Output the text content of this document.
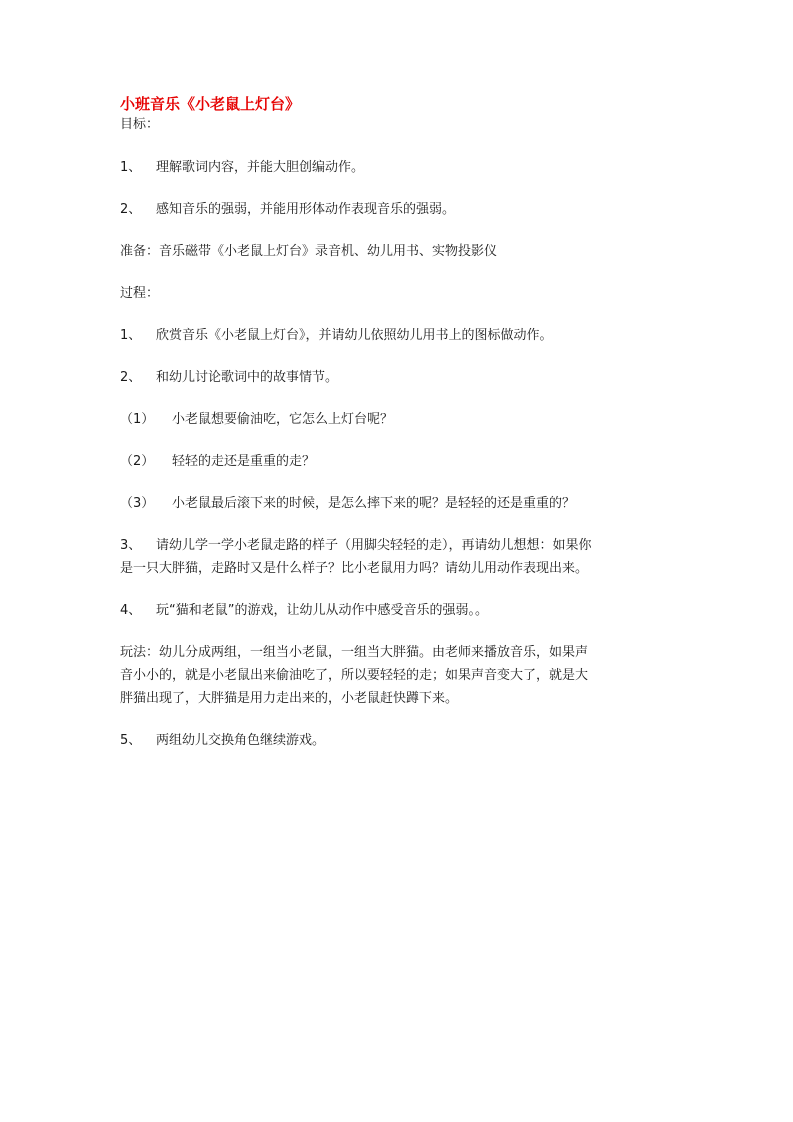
小班音乐《小老鼠上灯台》
目标：

1、 理解歌词内容，并能大胆创编动作。

2、 感知音乐的强弱，并能用形体动作表现音乐的强弱。

准备：音乐磁带《小老鼠上灯台》录音机、幼儿用书、实物投影仪

过程：

1、 欣赏音乐《小老鼠上灯台》，并请幼儿依照幼儿用书上的图标做动作。

2、 和幼儿讨论歌词中的故事情节。

（1） 小老鼠想要偷油吃，它怎么上灯台呢？

（2） 轻轻的走还是重重的走？

（3） 小老鼠最后滚下来的时候，是怎么摔下来的呢？是轻轻的还是重重的？

3、 请幼儿学一学小老鼠走路的样子（用脚尖轻轻的走），再请幼儿想想：如果你
是一只大胖猫，走路时又是什么样子？比小老鼠用力吗？请幼儿用动作表现出来。

4、 玩“猫和老鼠”的游戏，让幼儿从动作中感受音乐的强弱。。

玩法：幼儿分成两组，一组当小老鼠，一组当大胖猫。由老师来播放音乐，如果声
音小小的，就是小老鼠出来偷油吃了，所以要轻轻的走；如果声音变大了，就是大
胖猫出现了，大胖猫是用力走出来的，小老鼠赶快蹲下来。

5、 两组幼儿交换角色继续游戏。
